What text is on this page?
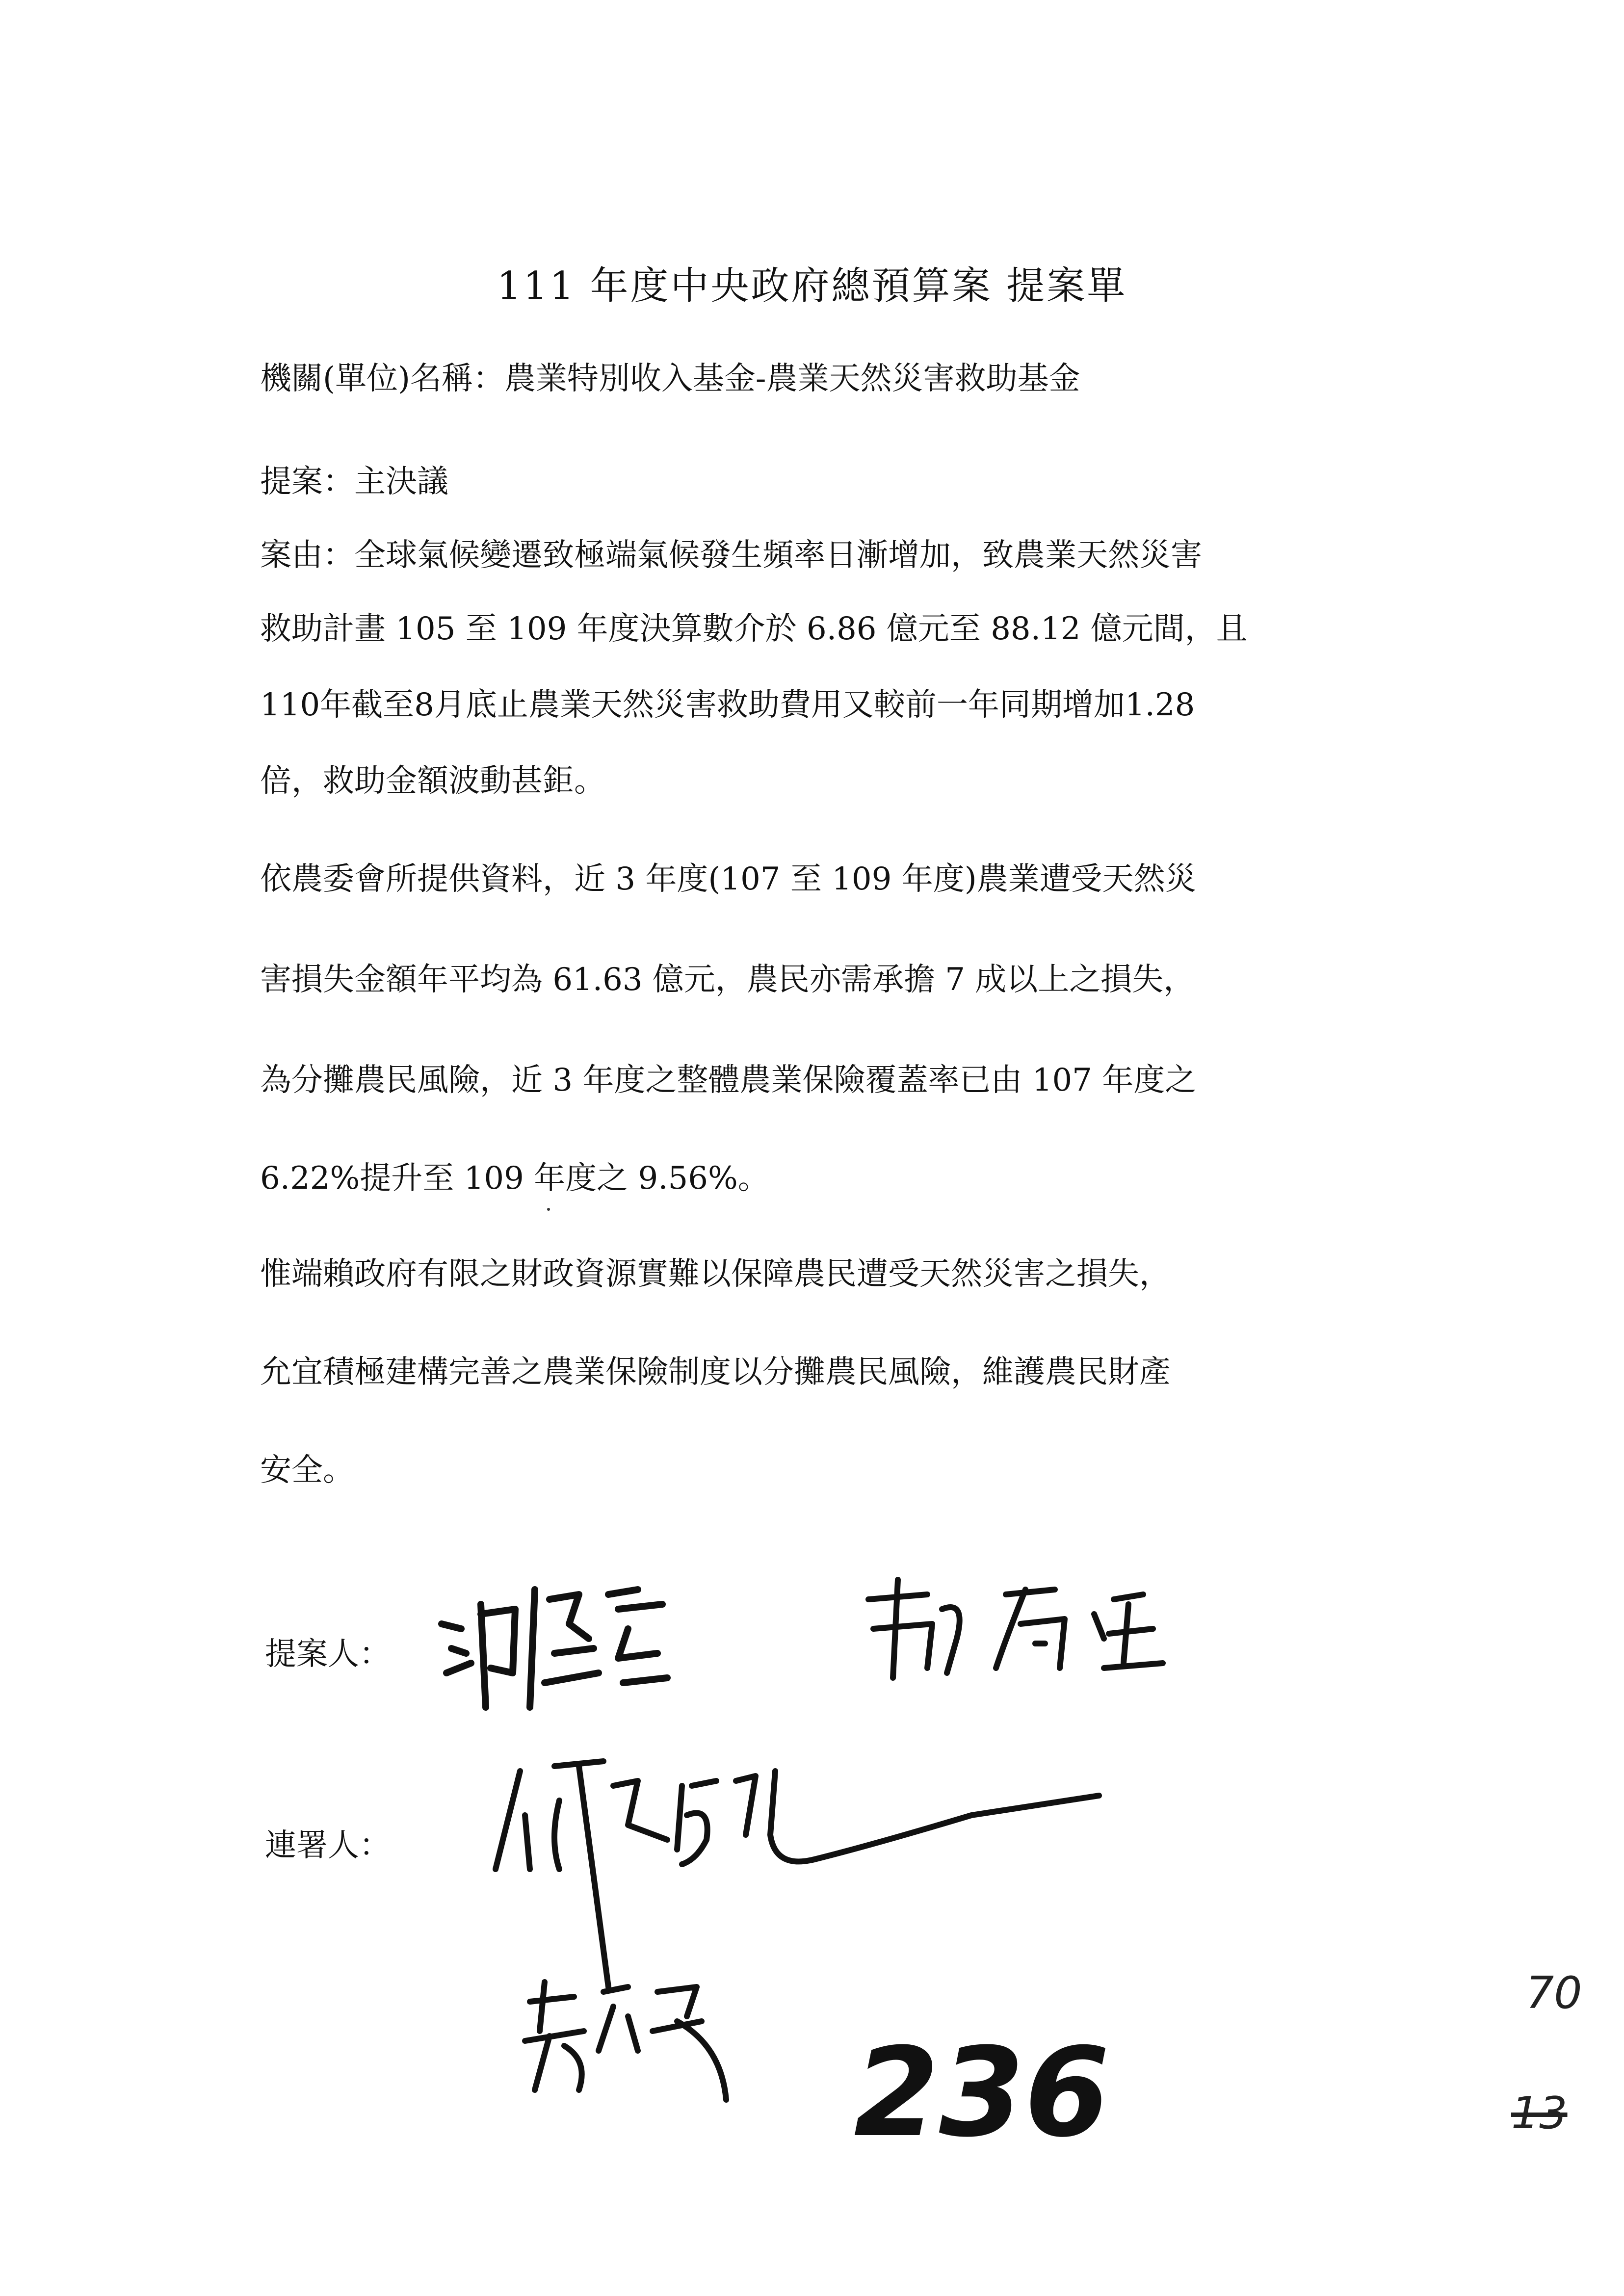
111 年度中央政府總預算案 提案單
機關(單位)名稱：農業特別收入基金-農業天然災害救助基金
提案：主決議
案由：全球氣候變遷致極端氣候發生頻率日漸增加，致農業天然災害
救助計畫 105 至 109 年度決算數介於 6.86 億元至 88.12 億元間，且
110年截至8月底止農業天然災害救助費用又較前一年同期增加1.28
倍，救助金額波動甚鉅。
依農委會所提供資料，近 3 年度(107 至 109 年度)農業遭受天然災
害損失金額年平均為 61.63 億元，農民亦需承擔 7 成以上之損失，
為分攤農民風險，近 3 年度之整體農業保險覆蓋率已由 107 年度之
6.22%提升至 109 年度之 9.56%。
惟端賴政府有限之財政資源實難以保障農民遭受天然災害之損失，
允宜積極建構完善之農業保險制度以分攤農民風險，維護農民財產
安全。
提案人：
連署人：
236
70
13
